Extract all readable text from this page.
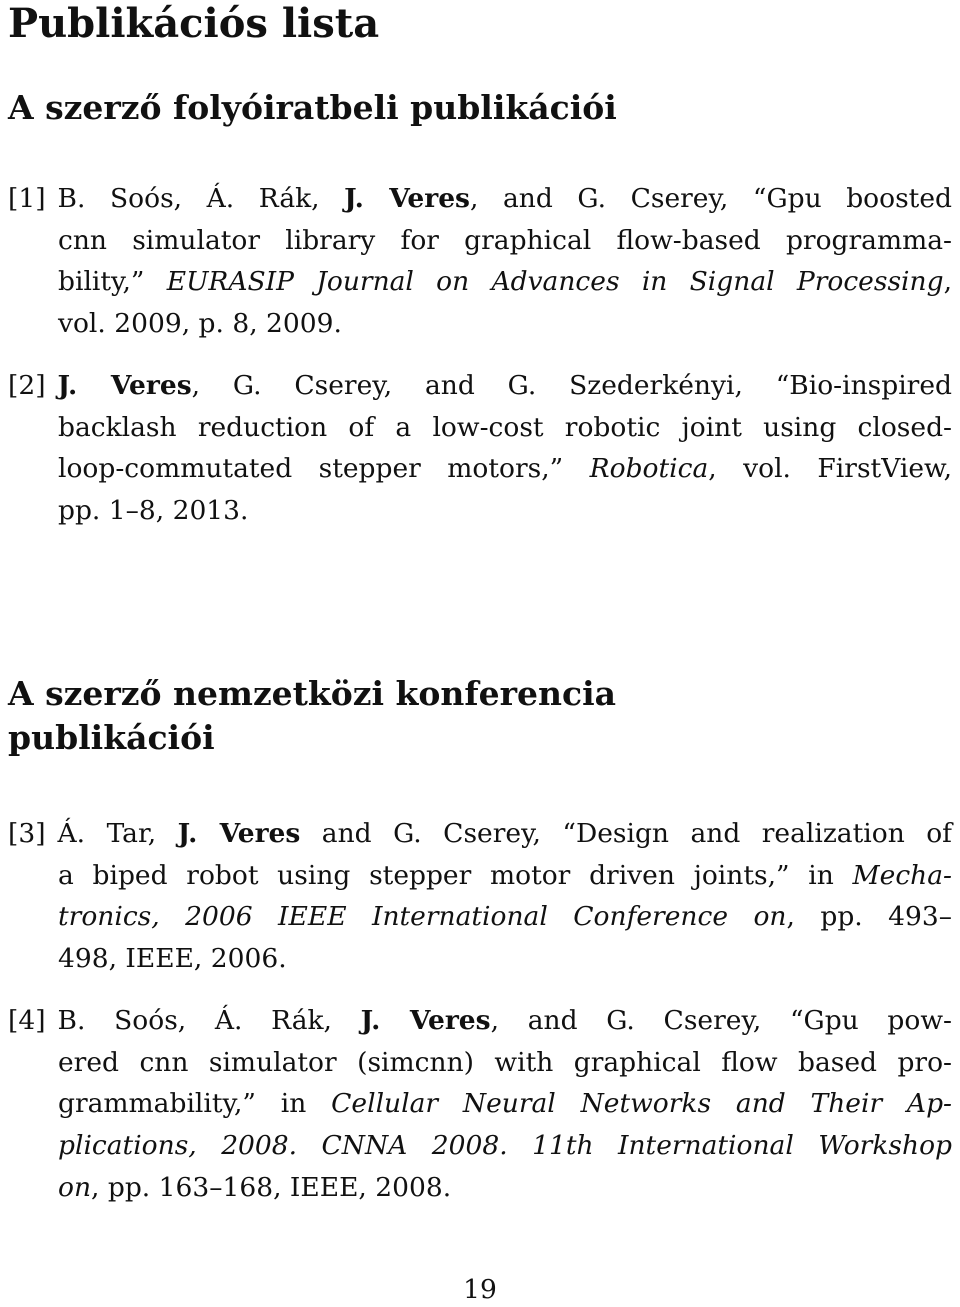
Publikációs lista
A szerző folyóiratbeli publikációi
[1] B. Soós, Á. Rák, J. Veres, and G. Cserey, “Gpu boosted
cnn simulator library for graphical flow-based programma-
bility,” EURASIP Journal on Advances in Signal Processing,
vol. 2009, p. 8, 2009.
[2] J. Veres, G. Cserey, and G. Szederkényi, “Bio-inspired
backlash reduction of a low-cost robotic joint using closed-
loop-commutated stepper motors,” Robotica, vol. FirstView,
pp. 1–8, 2013.
A szerző nemzetközi konferencia publikációi
[3] Á. Tar, J. Veres and G. Cserey, “Design and realization of
a biped robot using stepper motor driven joints,” in Mecha-
tronics, 2006 IEEE International Conference on, pp. 493–
498, IEEE, 2006.
[4] B. Soós, Á. Rák, J. Veres, and G. Cserey, “Gpu pow-
ered cnn simulator (simcnn) with graphical flow based pro-
grammability,” in Cellular Neural Networks and Their Ap-
plications, 2008. CNNA 2008. 11th International Workshop
on, pp. 163–168, IEEE, 2008.
19
